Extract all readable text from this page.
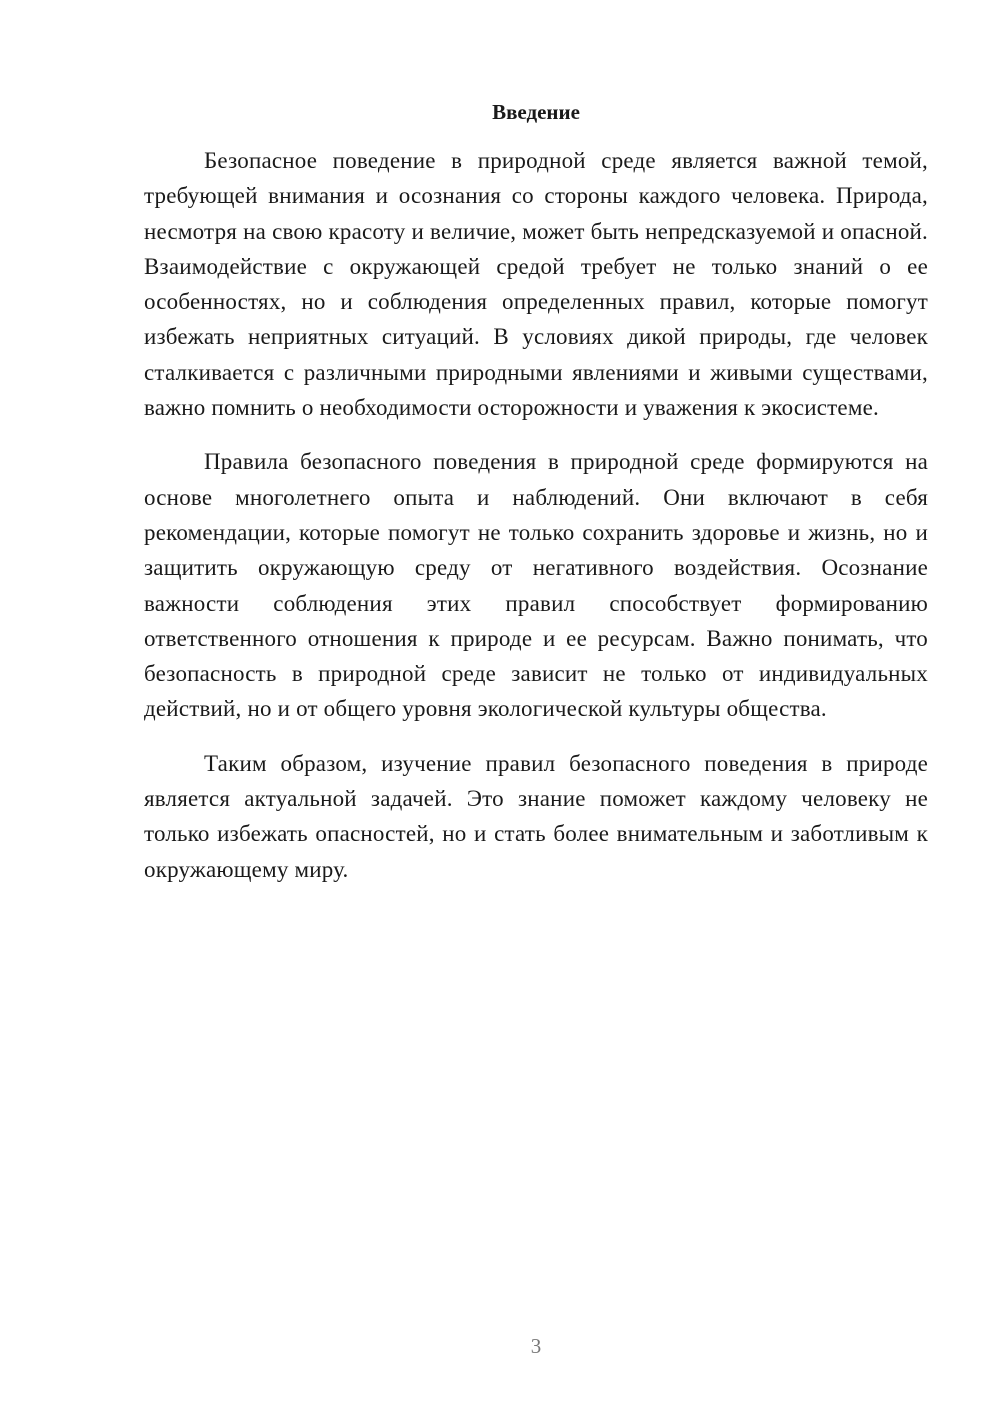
Введение

Безопасное поведение в природной среде является важной темой, требующей внимания и осознания со стороны каждого человека. Природа, несмотря на свою красоту и величие, может быть непредсказуемой и опасной. Взаимодействие с окружающей средой требует не только знаний о ее особенностях, но и соблюдения определенных правил, которые помогут избежать неприятных ситуаций. В условиях дикой природы, где человек сталкивается с различными природными явлениями и живыми существами, важно помнить о необходимости осторожности и уважения к экосистеме.

Правила безопасного поведения в природной среде формируются на основе многолетнего опыта и наблюдений. Они включают в себя рекомендации, которые помогут не только сохранить здоровье и жизнь, но и защитить окружающую среду от негативного воздействия. Осознание важности соблюдения этих правил способствует формированию ответственного отношения к природе и ее ресурсам. Важно понимать, что безопасность в природной среде зависит не только от индивидуальных действий, но и от общего уровня экологической культуры общества.

Таким образом, изучение правил безопасного поведения в природе является актуальной задачей. Это знание поможет каждому человеку не только избежать опасностей, но и стать более внимательным и заботливым к окружающему миру.

3
